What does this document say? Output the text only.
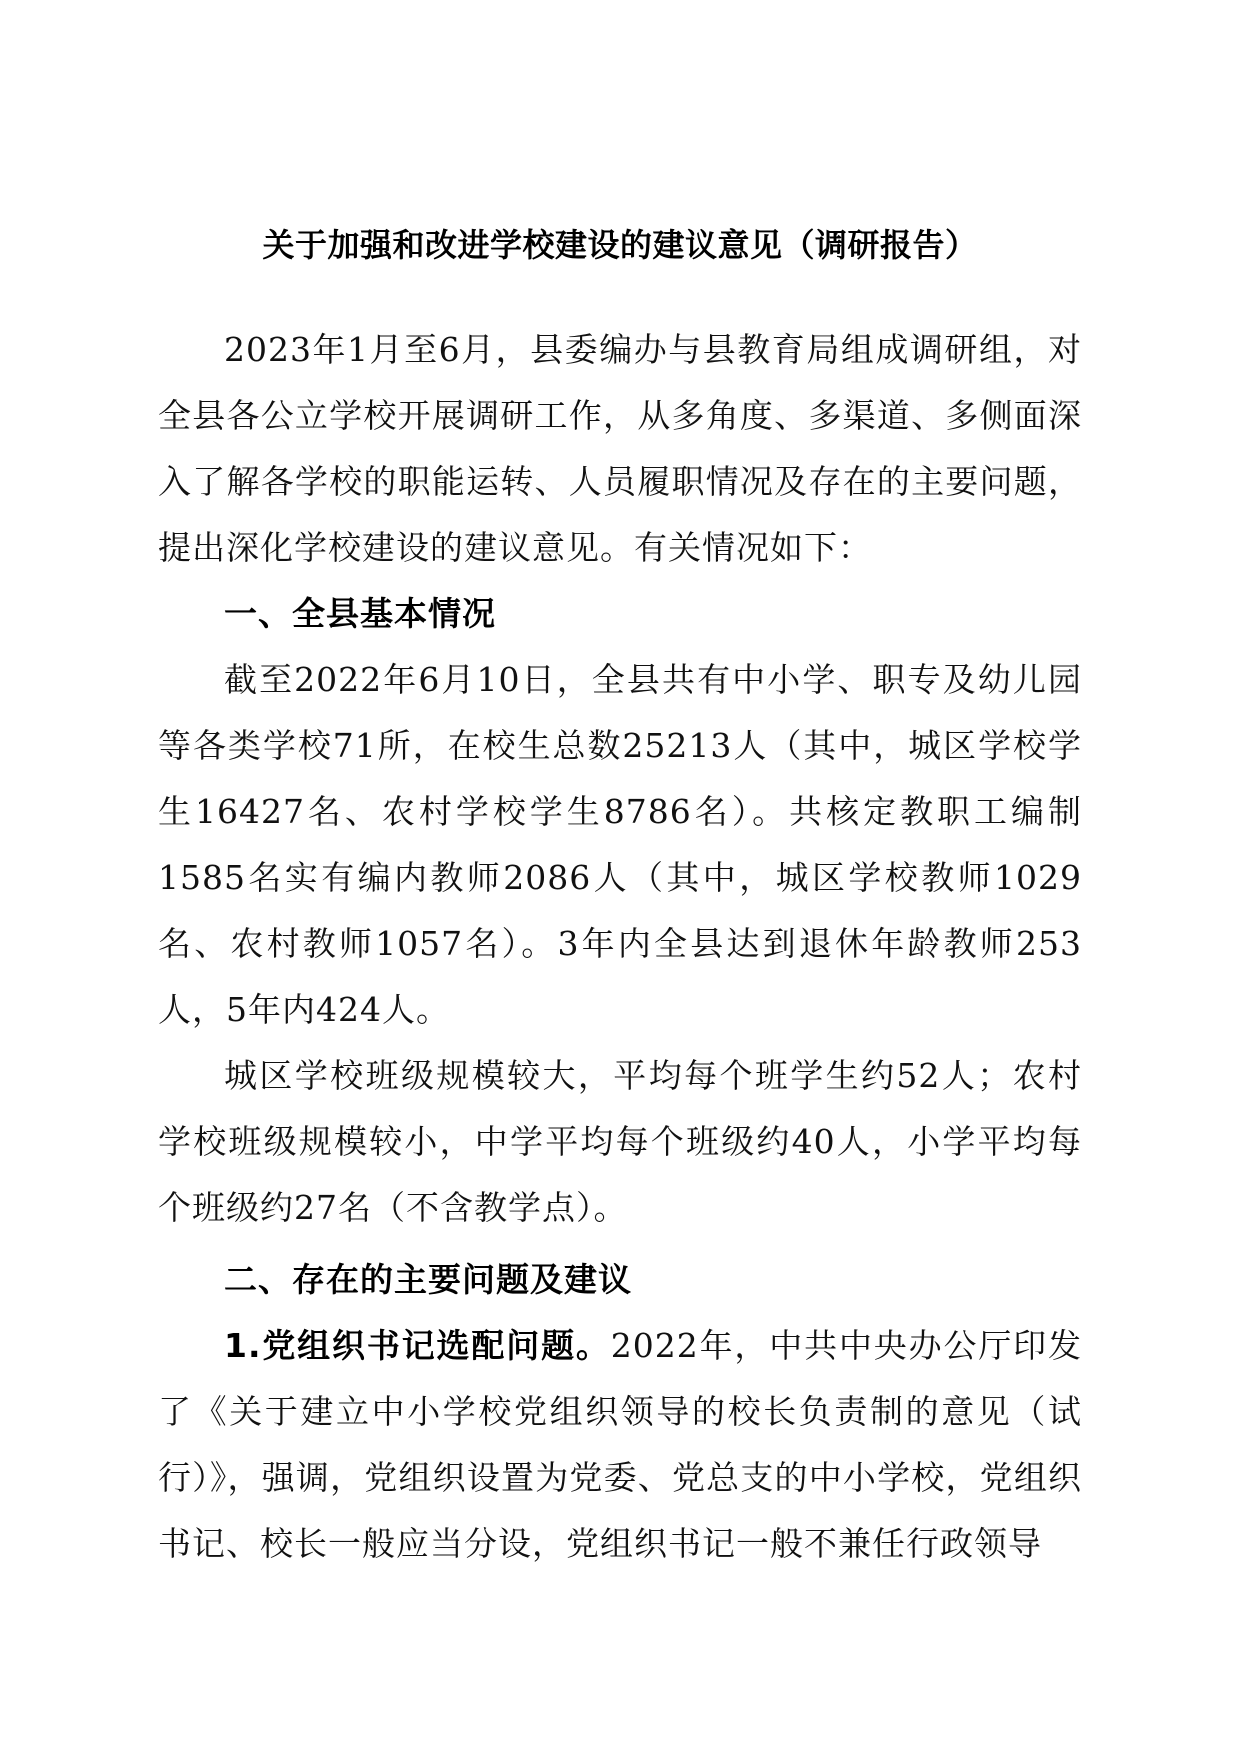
关于加强和改进学校建设的建议意见（调研报告）

2023年1月至6月，县委编办与县教育局组成调研组，对全县各公立学校开展调研工作，从多角度、多渠道、多侧面深入了解各学校的职能运转、人员履职情况及存在的主要问题，提出深化学校建设的建议意见。有关情况如下：

一、全县基本情况

截至2022年6月10日，全县共有中小学、职专及幼儿园等各类学校71所，在校生总数25213人（其中，城区学校学生16427名、农村学校学生8786名）。共核定教职工编制1585名实有编内教师2086人（其中，城区学校教师1029名、农村教师1057名）。3年内全县达到退休年龄教师253人，5年内424人。

城区学校班级规模较大，平均每个班学生约52人；农村学校班级规模较小，中学平均每个班级约40人，小学平均每个班级约27名（不含教学点）。

二、存在的主要问题及建议

1.党组织书记选配问题。2022年，中共中央办公厅印发了《关于建立中小学校党组织领导的校长负责制的意见（试行）》，强调，党组织设置为党委、党总支的中小学校，党组织书记、校长一般应当分设，党组织书记一般不兼任行政领导
